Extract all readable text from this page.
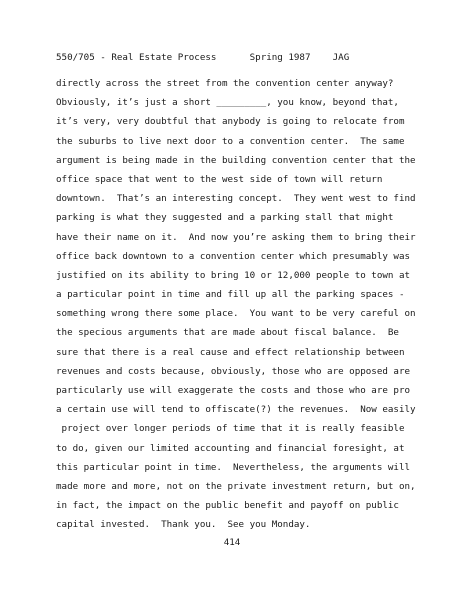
550/705 - Real Estate Process	Spring 1987 JAG
directly across the street from the convention center anyway?
Obviously, it’s just a short _________, you know, beyond that,
it’s very, very doubtful that anybody is going to relocate from
the suburbs to live next door to a convention center.  The same
argument is being made in the building convention center that the
office space that went to the west side of town will return
downtown.  That’s an interesting concept.  They went west to find
parking is what they suggested and a parking stall that might
have their name on it.  And now you’re asking them to bring their
office back downtown to a convention center which presumably was
justified on its ability to bring 10 or 12,000 people to town at
a particular point in time and fill up all the parking spaces -
something wrong there some place.  You want to be very careful on
the specious arguments that are made about fiscal balance.  Be
sure that there is a real cause and effect relationship between
revenues and costs because, obviously, those who are opposed are
particularly use will exaggerate the costs and those who are pro
a certain use will tend to offiscate(?) the revenues.  Now easily
project over longer periods of time that it is really feasible
to do, given our limited accounting and financial foresight, at
this particular point in time.  Nevertheless, the arguments will
made more and more, not on the private investment return, but on,
in fact, the impact on the public benefit and payoff on public
capital invested.  Thank you.  See you Monday.
414
